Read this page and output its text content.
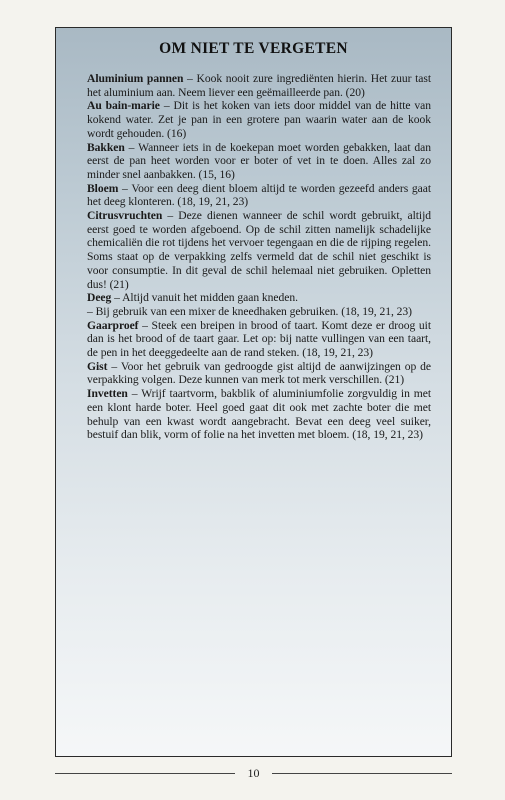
OM NIET TE VERGETEN

Aluminium pannen – Kook nooit zure ingrediënten hierin. Het zuur tast het aluminium aan. Neem liever een geëmailleerde pan. (20)

Au bain-marie – Dit is het koken van iets door middel van de hitte van kokend water. Zet je pan in een grotere pan waarin water aan de kook wordt gehouden. (16)

Bakken – Wanneer iets in de koekepan moet worden gebakken, laat dan eerst de pan heet worden voor er boter of vet in te doen. Alles zal zo minder snel aanbakken. (15, 16)

Bloem – Voor een deeg dient bloem altijd te worden gezeefd anders gaat het deeg klonteren. (18, 19, 21, 23)

Citrusvruchten – Deze dienen wanneer de schil wordt gebruikt, altijd eerst goed te worden afgeboend. Op de schil zitten namelijk schadelijke chemicaliën die rot tijdens het vervoer tegengaan en die de rijping regelen. Soms staat op de verpakking zelfs vermeld dat de schil niet geschikt is voor consumptie. In dit geval de schil helemaal niet gebruiken. Opletten dus! (21)

Deeg – Altijd vanuit het midden gaan kneden.

– Bij gebruik van een mixer de kneedhaken gebruiken. (18, 19, 21, 23)

Gaarproef – Steek een breipen in brood of taart. Komt deze er droog uit dan is het brood of de taart gaar. Let op: bij natte vullingen van een taart, de pen in het deeggedeelte aan de rand steken. (18, 19, 21, 23)

Gist – Voor het gebruik van gedroogde gist altijd de aanwijzingen op de verpakking volgen. Deze kunnen van merk tot merk verschillen. (21)

Invetten – Wrijf taartvorm, bakblik of aluminiumfolie zorgvuldig in met een klont harde boter. Heel goed gaat dit ook met zachte boter die met behulp van een kwast wordt aangebracht. Bevat een deeg veel suiker, bestuif dan blik, vorm of folie na het invetten met bloem. (18, 19, 21, 23)

10
